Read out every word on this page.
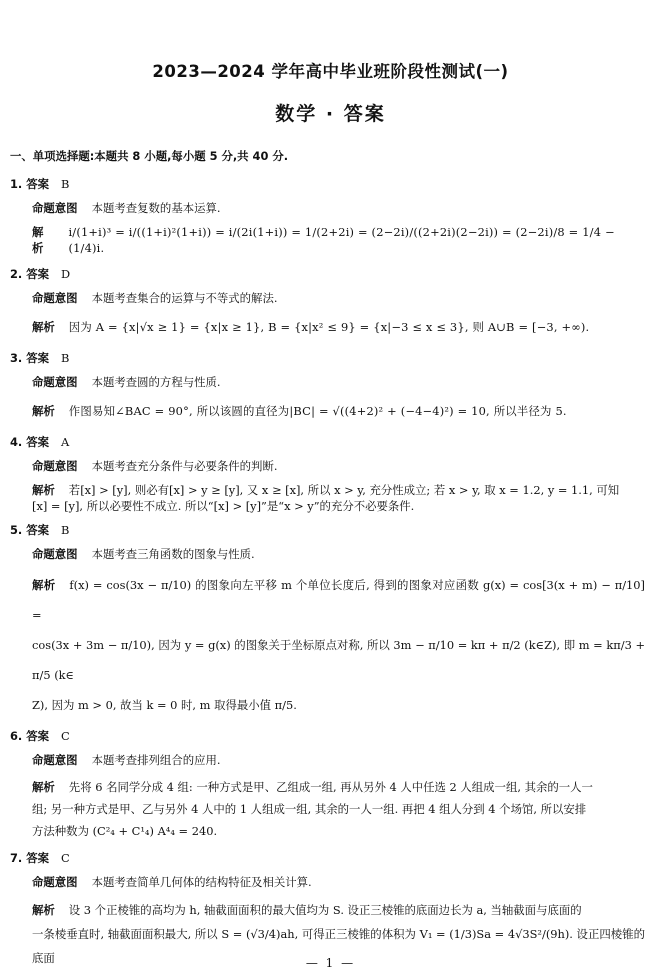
2023—2024 学年高中毕业班阶段性测试(一)
数学 · 答案
一、单项选择题:本题共 8 小题,每小题 5 分,共 40 分.
1. 答案 B
命题意图 本题考查复数的基本运算.
解析
i/(1+i)³ = i/((1+i)²(1+i)) = i/(2i(1+i)) = 1/(2+2i) = (2−2i)/((2+2i)(2−2i)) = (2−2i)/8 = 1/4 − (1/4)i.
2. 答案 D
命题意图 本题考查集合的运算与不等式的解法.
解析 因为 A = {x|√x ≥ 1} = {x|x ≥ 1}, B = {x|x² ≤ 9} = {x|−3 ≤ x ≤ 3}, 则 A∪B = [−3, +∞).
3. 答案 B
命题意图 本题考查圆的方程与性质.
解析 作图易知∠BAC = 90°, 所以该圆的直径为|BC| = √((4+2)² + (−4−4)²) = 10, 所以半径为 5.
4. 答案 A
命题意图 本题考查充分条件与必要条件的判断.
解析 若[x] > [y], 则必有[x] > y ≥ [y], 又 x ≥ [x], 所以 x > y, 充分性成立; 若 x > y, 取 x = 1.2, y = 1.1, 可知
[x] = [y], 所以必要性不成立. 所以“[x] > [y]”是“x > y”的充分不必要条件.
5. 答案 B
命题意图 本题考查三角函数的图象与性质.
解析 f(x) = cos(3x − π/10) 的图象向左平移 m 个单位长度后, 得到的图象对应函数 g(x) = cos[3(x + m) − π/10] =
cos(3x + 3m − π/10), 因为 y = g(x) 的图象关于坐标原点对称, 所以 3m − π/10 = kπ + π/2 (k∈Z), 即 m = kπ/3 + π/5 (k∈
Z), 因为 m > 0, 故当 k = 0 时, m 取得最小值 π/5.
6. 答案 C
命题意图 本题考查排列组合的应用.
解析 先将 6 名同学分成 4 组: 一种方式是甲、乙组成一组, 再从另外 4 人中任选 2 人组成一组, 其余的一人一
组; 另一种方式是甲、乙与另外 4 人中的 1 人组成一组, 其余的一人一组. 再把 4 组人分到 4 个场馆, 所以安排
方法种数为 (C²₄ + C¹₄) A⁴₄ = 240.
7. 答案 C
命题意图 本题考查简单几何体的结构特征及相关计算.
解析 设 3 个正棱锥的高均为 h, 轴截面面积的最大值均为 S. 设正三棱锥的底面边长为 a, 当轴截面与底面的
一条棱垂直时, 轴截面面积最大, 所以 S = (√3/4)ah, 可得正三棱锥的体积为 V₁ = (1/3)Sa = 4√3S²/(9h). 设正四棱锥的底面	— 1 —
